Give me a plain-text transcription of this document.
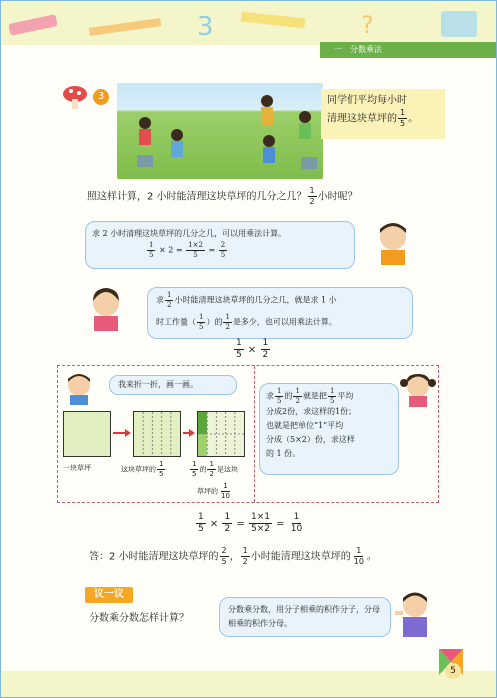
3	?
一　分数乘法
3	同学们平均每小时
清理这块草坪的 $\frac{1}{5}$ 。
照这样计算，2 小时能清理这块草坪的几分之几？ $\frac{1}{2}$ 小时呢？
求 2 小时清理这块草坪的几分之几，可以用乘法计算。
$\frac{1}{5} \times 2 = \frac{1\times 2}{5} = \frac{2}{5}$
求 $\frac{1}{2}$ 小时能清理这块草坪的几分之几，就是求 1 小
时工作量（ $\frac{1}{5}$ ）的 $\frac{1}{2}$ 是多少，也可以用乘法计算。
$\frac{1}{5} \times \frac{1}{2}$
我来折一折，画一画。
一块草坪	这块草坪的 $\frac{1}{5}$	$\frac{1}{5}$ 的 $\frac{1}{2}$ 是这块
草坪的 $\frac{1}{10}$
求 $\frac{1}{5}$ 的 $\frac{1}{2}$ 就是把 $\frac{1}{5}$ 平均
分成2份，求这样的1份；
也就是把单位“1”平均
分成（5×2）份，求这样
的 1 份。
$\frac{1}{5} \times \frac{1}{2} = \frac{1\times 1}{5\times 2} = \frac{1}{10}$
答：2 小时能清理这块草坪的 $\frac{2}{5}$ ， $\frac{1}{2}$ 小时能清理这块草坪的 $\frac{1}{10}$ 。
议一议
分数乘分数怎样计算？
分数乘分数，用分子相乘的积作分子，分母相乘的积作分母。
5
